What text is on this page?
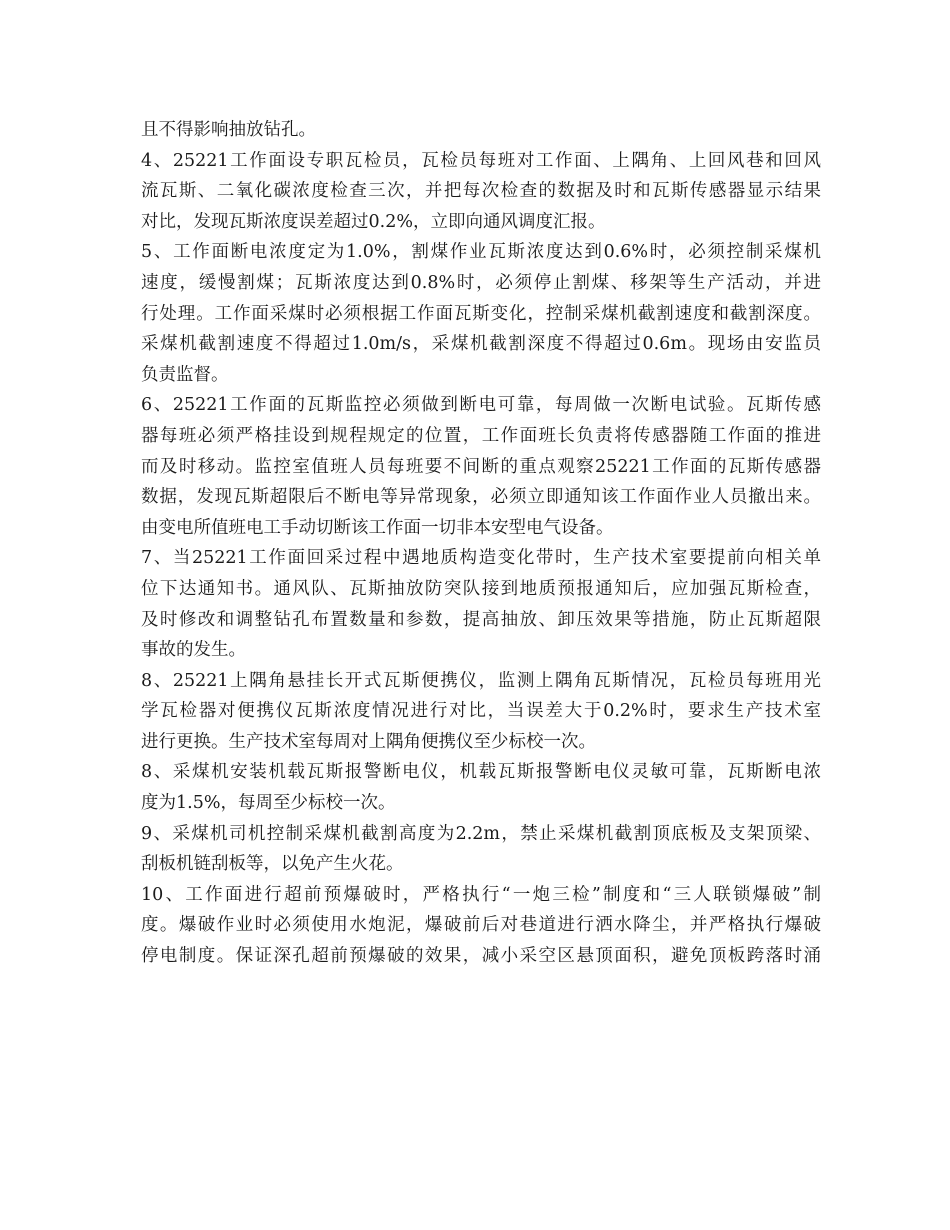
且不得影响抽放钻孔。
4、25221工作面设专职瓦检员，瓦检员每班对工作面、上隅角、上回风巷和回风
流瓦斯、二氧化碳浓度检查三次，并把每次检查的数据及时和瓦斯传感器显示结果
对比，发现瓦斯浓度误差超过0.2%，立即向通风调度汇报。
5、工作面断电浓度定为1.0%，割煤作业瓦斯浓度达到0.6%时，必须控制采煤机
速度，缓慢割煤；瓦斯浓度达到0.8%时，必须停止割煤、移架等生产活动，并进
行处理。工作面采煤时必须根据工作面瓦斯变化，控制采煤机截割速度和截割深度。
采煤机截割速度不得超过1.0m/s，采煤机截割深度不得超过0.6m。现场由安监员
负责监督。
6、25221工作面的瓦斯监控必须做到断电可靠，每周做一次断电试验。瓦斯传感
器每班必须严格挂设到规程规定的位置，工作面班长负责将传感器随工作面的推进
而及时移动。监控室值班人员每班要不间断的重点观察25221工作面的瓦斯传感器
数据，发现瓦斯超限后不断电等异常现象，必须立即通知该工作面作业人员撤出来。
由变电所值班电工手动切断该工作面一切非本安型电气设备。
7、当25221工作面回采过程中遇地质构造变化带时，生产技术室要提前向相关单
位下达通知书。通风队、瓦斯抽放防突队接到地质预报通知后，应加强瓦斯检查，
及时修改和调整钻孔布置数量和参数，提高抽放、卸压效果等措施，防止瓦斯超限
事故的发生。
8、25221上隅角悬挂长开式瓦斯便携仪，监测上隅角瓦斯情况，瓦检员每班用光
学瓦检器对便携仪瓦斯浓度情况进行对比，当误差大于0.2%时，要求生产技术室
进行更换。生产技术室每周对上隅角便携仪至少标校一次。
8、采煤机安装机载瓦斯报警断电仪，机载瓦斯报警断电仪灵敏可靠，瓦斯断电浓
度为1.5%，每周至少标校一次。
9、采煤机司机控制采煤机截割高度为2.2m，禁止采煤机截割顶底板及支架顶梁、
刮板机链刮板等，以免产生火花。
10、工作面进行超前预爆破时，严格执行“一炮三检”制度和“三人联锁爆破”制
度。爆破作业时必须使用水炮泥，爆破前后对巷道进行洒水降尘，并严格执行爆破
停电制度。保证深孔超前预爆破的效果，减小采空区悬顶面积，避免顶板跨落时涌
